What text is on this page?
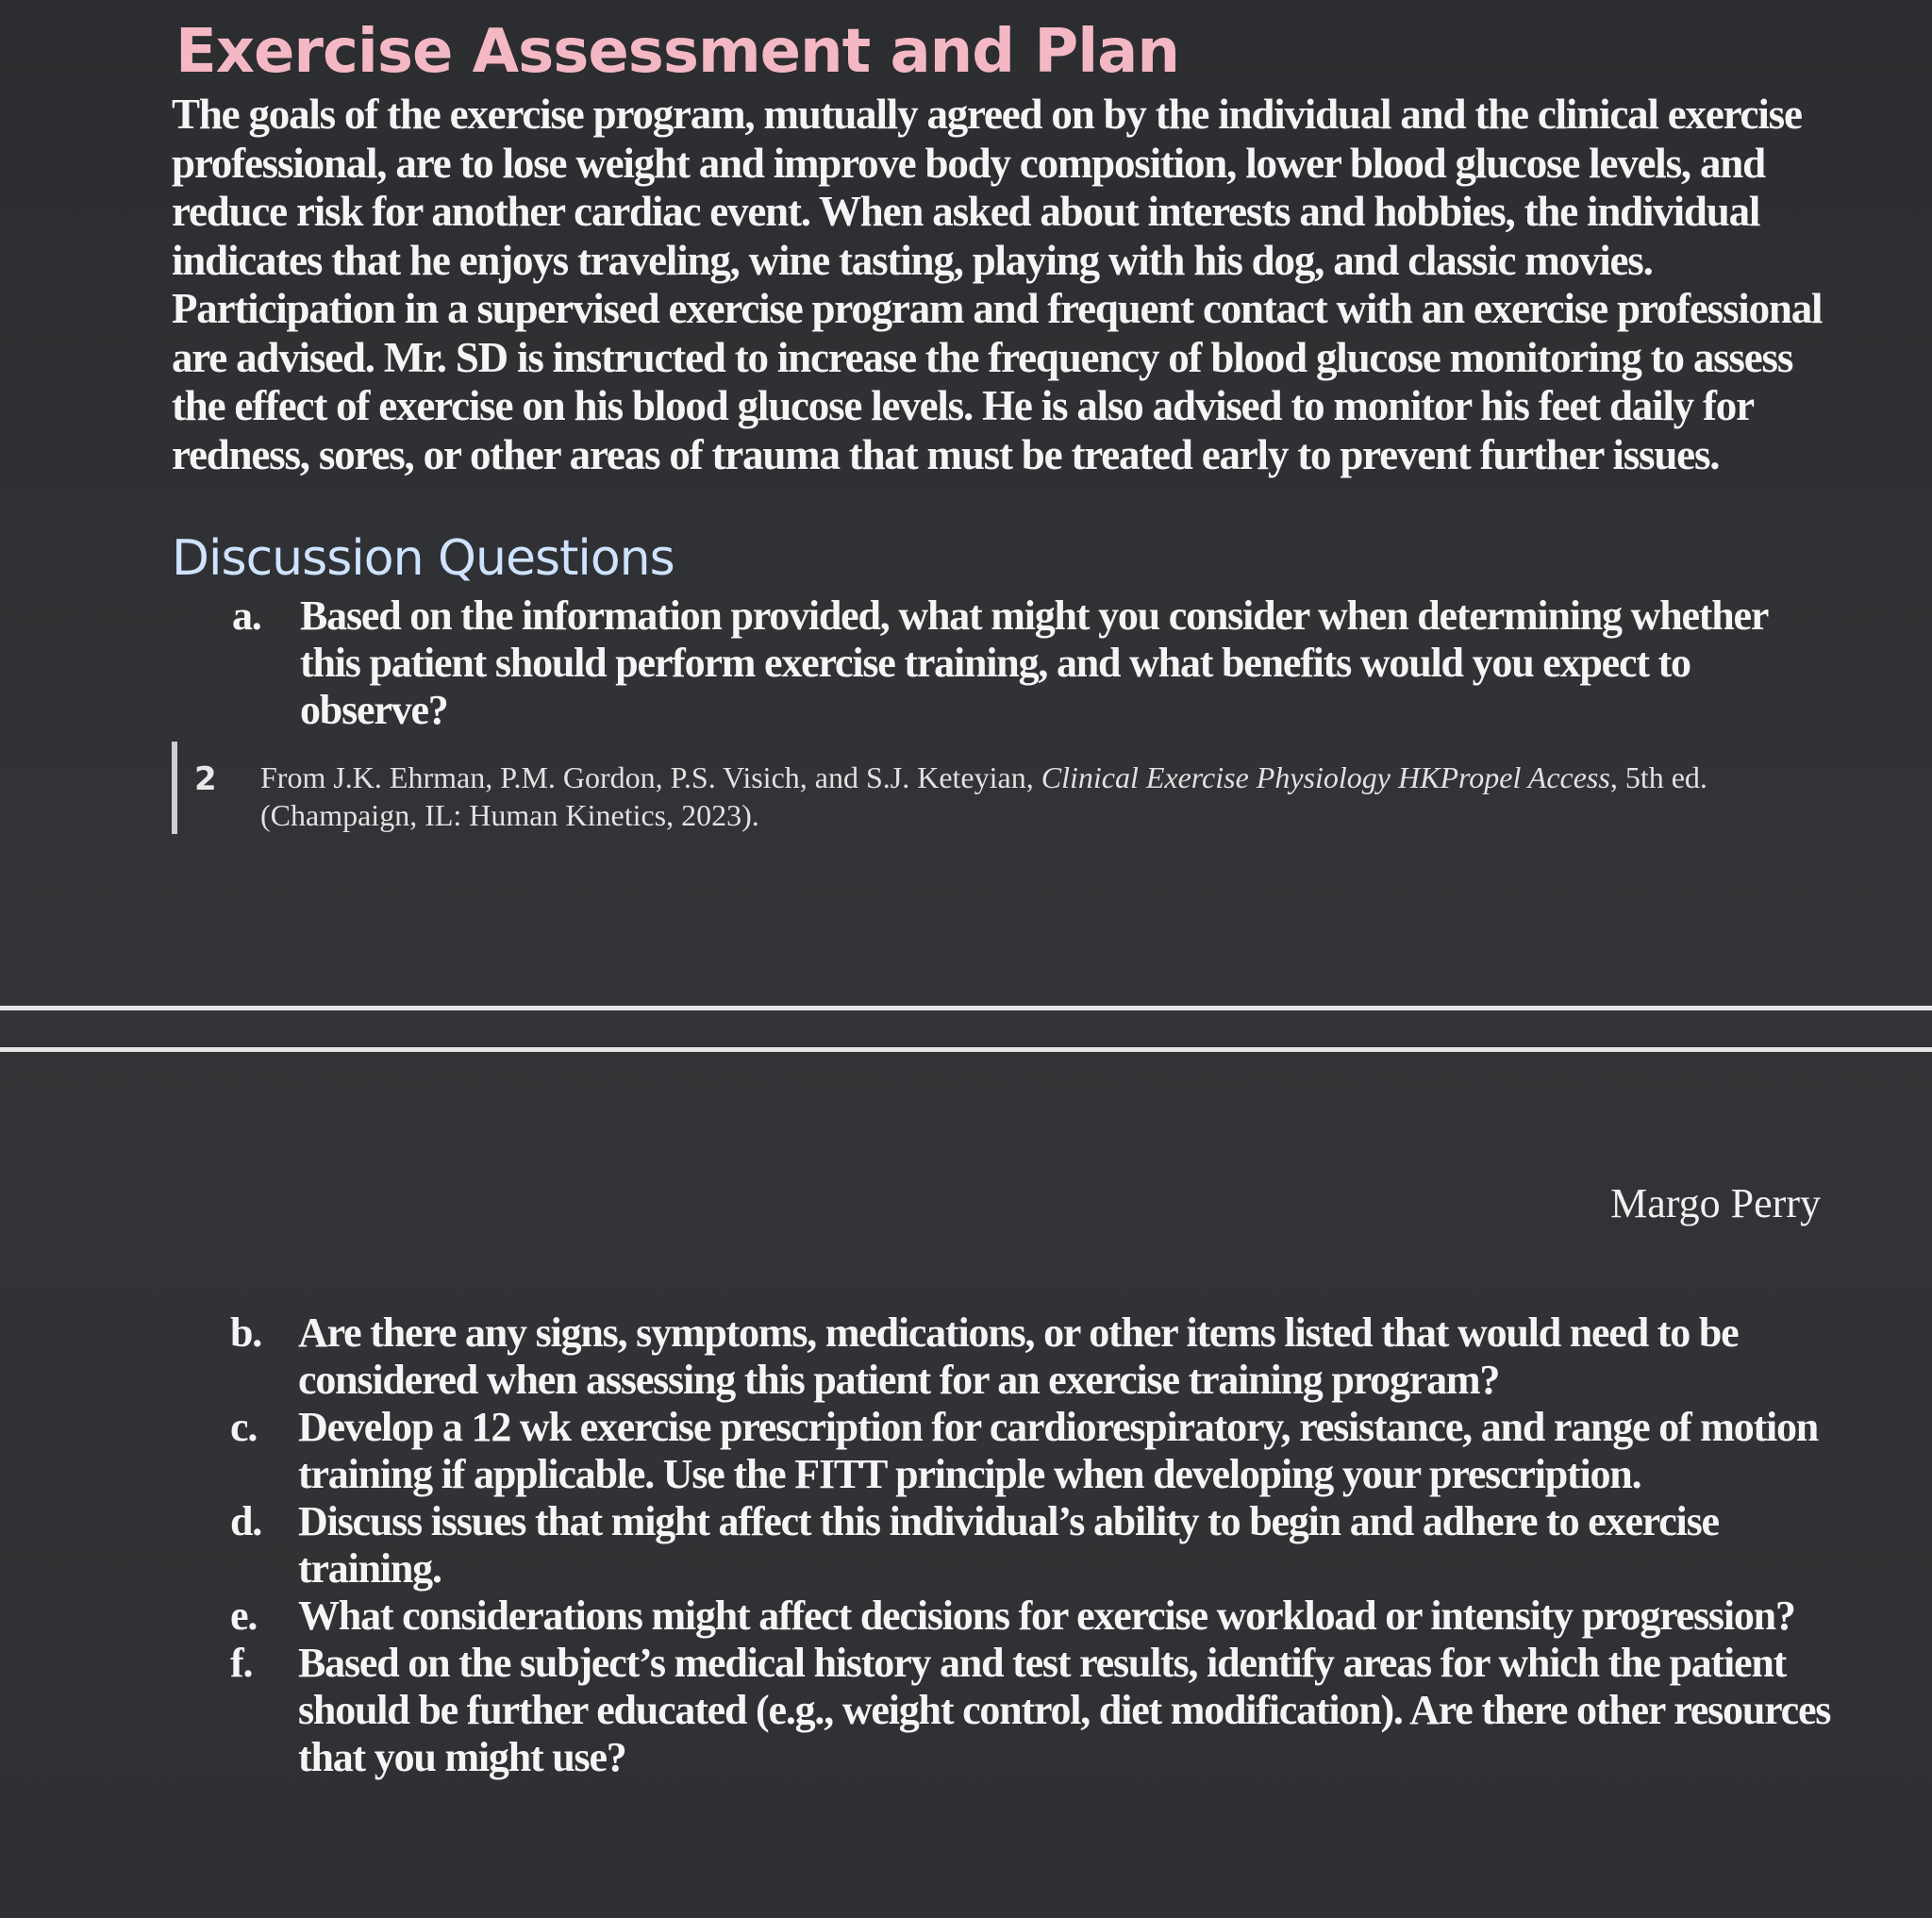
Exercise Assessment and Plan

The goals of the exercise program, mutually agreed on by the individual and the clinical exercise professional, are to lose weight and improve body composition, lower blood glucose levels, and reduce risk for another cardiac event. When asked about interests and hobbies, the individual indicates that he enjoys traveling, wine tasting, playing with his dog, and classic movies. Participation in a supervised exercise program and frequent contact with an exercise professional are advised. Mr. SD is instructed to increase the frequency of blood glucose monitoring to assess the effect of exercise on his blood glucose levels. He is also advised to monitor his feet daily for redness, sores, or other areas of trauma that must be treated early to prevent further issues.

Discussion Questions
a. Based on the information provided, what might you consider when determining whether this patient should perform exercise training, and what benefits would you expect to observe?
2 From J.K. Ehrman, P.M. Gordon, P.S. Visich, and S.J. Keteyian, Clinical Exercise Physiology HKPropel Access, 5th ed. (Champaign, IL: Human Kinetics, 2023).

Margo Perry

b. Are there any signs, symptoms, medications, or other items listed that would need to be considered when assessing this patient for an exercise training program?
c. Develop a 12 wk exercise prescription for cardiorespiratory, resistance, and range of motion training if applicable. Use the FITT principle when developing your prescription.
d. Discuss issues that might affect this individual’s ability to begin and adhere to exercise training.
e. What considerations might affect decisions for exercise workload or intensity progression?
f. Based on the subject’s medical history and test results, identify areas for which the patient should be further educated (e.g., weight control, diet modification). Are there other resources that you might use?
